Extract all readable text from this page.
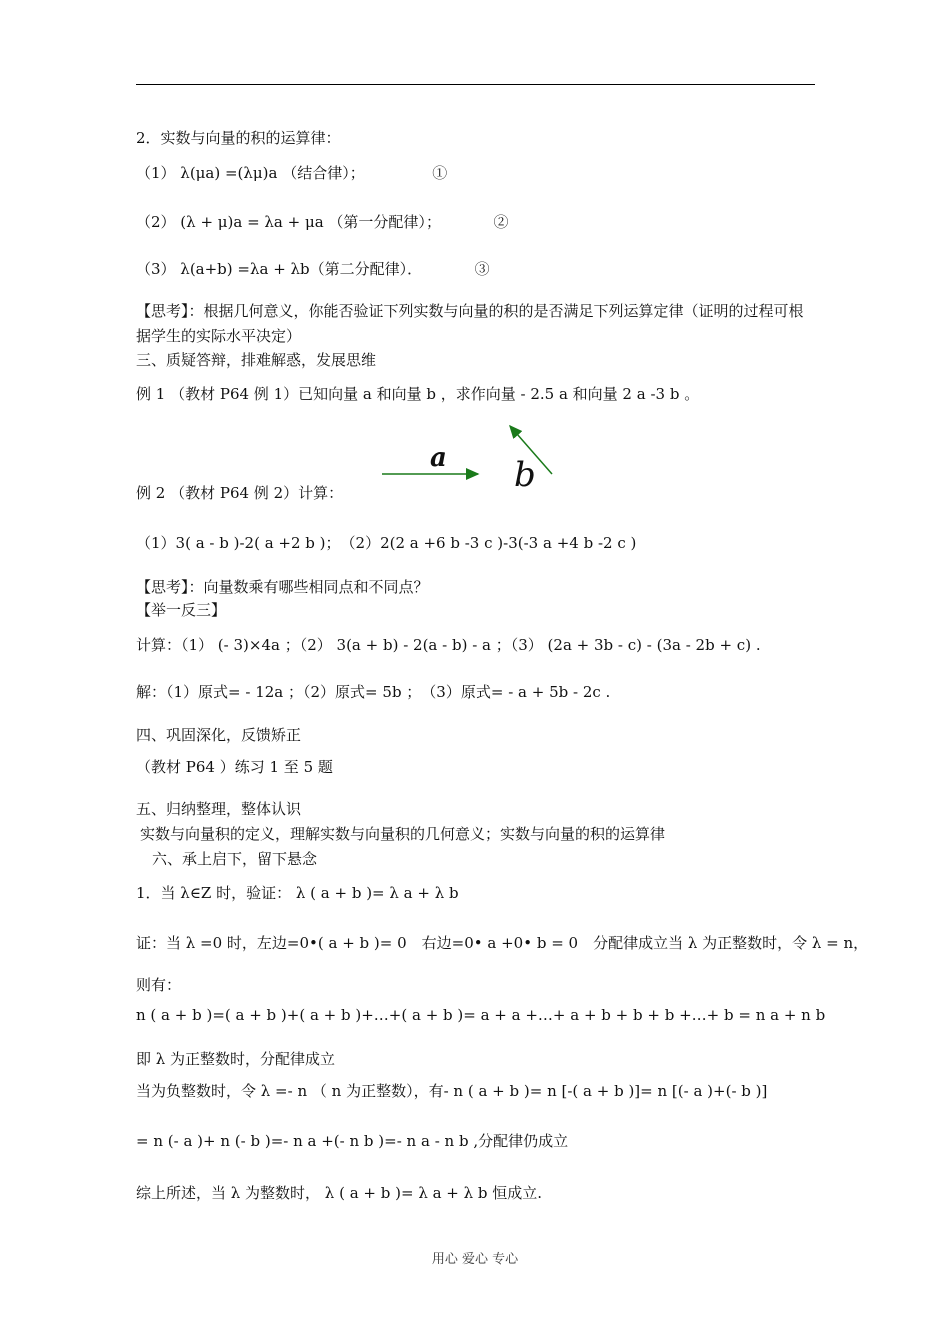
2．实数与向量的积的运算律：
（1） λ(μa) =(λμ)a （结合律）；　　　　　①
（2） (λ + μ)a = λa + μa （第一分配律）；　　　　②
（3） λ(a+b) =λa + λb（第二分配律）．　　　　③
【思考】：根据几何意义，你能否验证下列实数与向量的积的是否满足下列运算定律（证明的过程可根据学生的实际水平决定）
三、质疑答辩，排难解惑，发展思维
例 1 （教材 P64 例 1）已知向量 a 和向量 b ，求作向量 - 2.5 a 和向量 2 a -3 b 。
a b
例 2 （教材 P64 例 2）计算：
（1）3( a - b )-2( a +2 b )；　（2）2(2 a +6 b -3 c )-3(-3 a +4 b -2 c )
【思考】：向量数乘有哪些相同点和不同点？
【举一反三】
计算：（1） (- 3)×4a ；（2） 3(a + b) - 2(a - b) - a ；（3） (2a + 3b - c) - (3a - 2b + c) .
解：（1）原式= - 12a ；（2）原式= 5b ；　（3）原式= - a + 5b - 2c .
四、巩固深化，反馈矫正
（教材 P64 ）练习 1 至 5 题
五、归纳整理，整体认识
实数与向量积的定义，理解实数与向量积的几何意义；实数与向量的积的运算律
六、承上启下，留下悬念
1．当 λ∈Z 时，验证： λ ( a + b )= λ a + λ b
证：当 λ =0 时，左边=0•( a + b )= 0　右边=0• a +0• b = 0　分配律成立当 λ 为正整数时，令 λ = n，
则有：
n ( a + b )=( a + b )+( a + b )+…+( a + b )= a + a +…+ a + b + b + b +…+ b = n a + n b
即 λ 为正整数时，分配律成立
当为负整数时，令 λ =- n （ n 为正整数），有- n ( a + b )= n [-( a + b )]= n [(- a )+(- b )]
= n (- a )+ n (- b )=- n a +(- n b )=- n a - n b ,分配律仍成立
综上所述，当 λ 为整数时， λ ( a + b )= λ a + λ b 恒成立.
用心 爱心 专心
